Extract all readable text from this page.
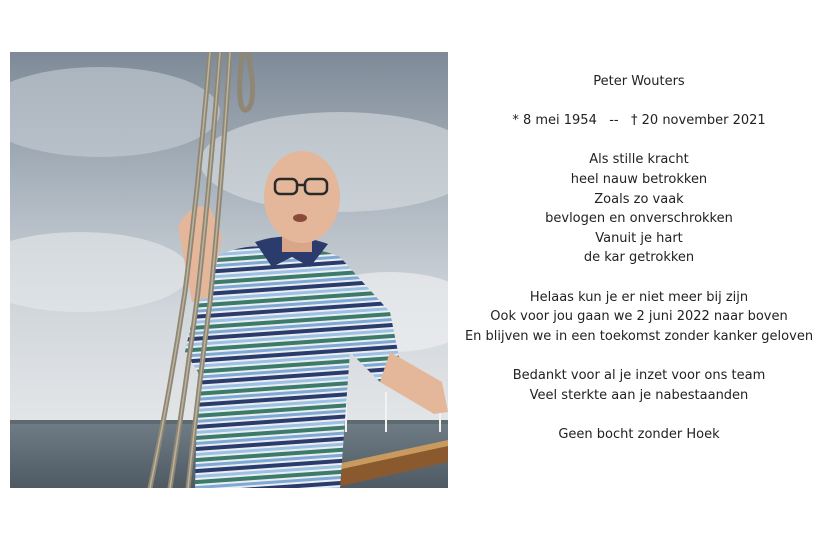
Peter Wouters

* 8 mei 1954   --   † 20 november 2021

Als stille kracht

heel nauw betrokken

Zoals zo vaak

bevlogen en onverschrokken

Vanuit je hart

de kar getrokken

Helaas kun je er niet meer bij zijn

Ook voor jou gaan we 2 juni 2022 naar boven

En blijven we in een toekomst zonder kanker geloven

Bedankt voor al je inzet voor ons team

Veel sterkte aan je nabestaanden

Geen bocht zonder Hoek
